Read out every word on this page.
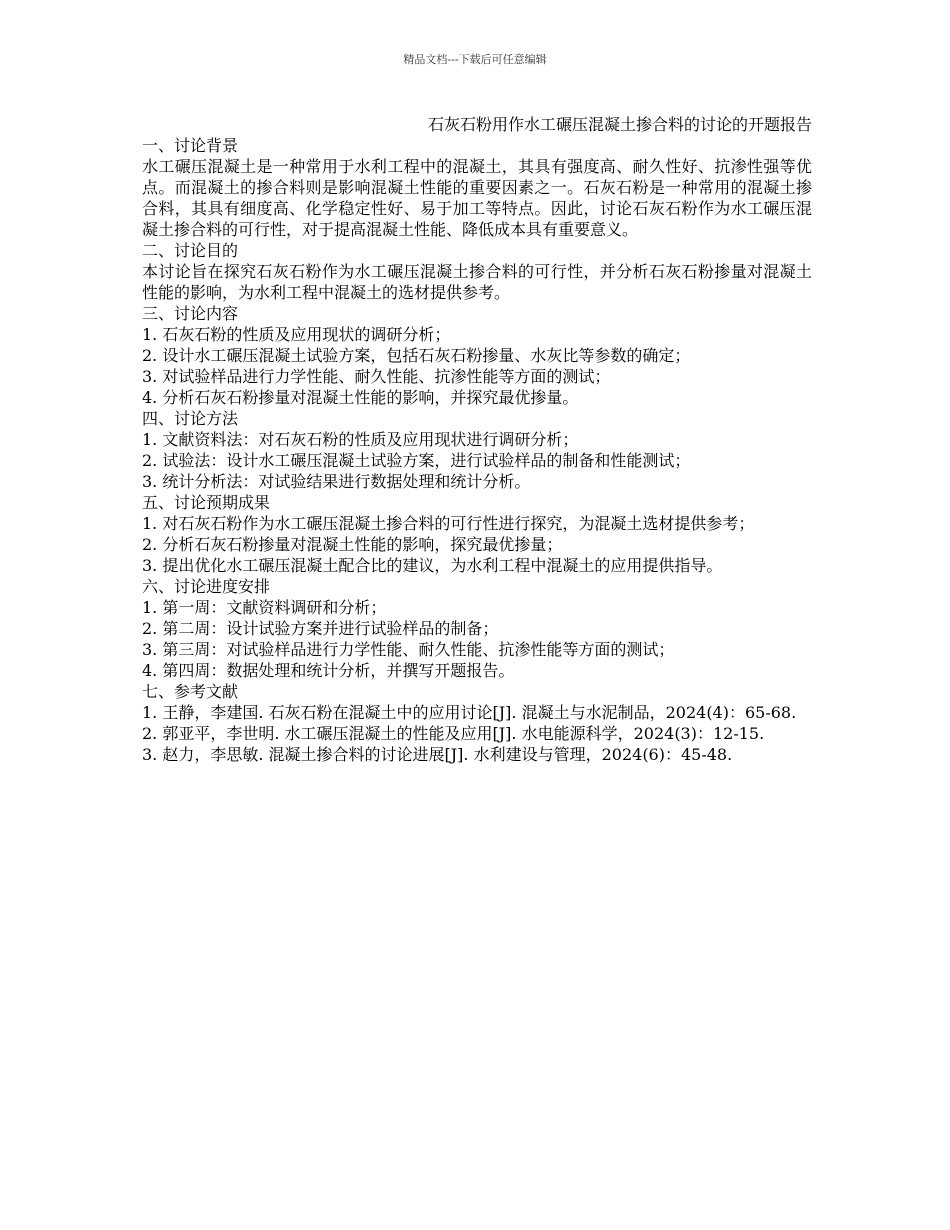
精品文档---下载后可任意编辑

石灰石粉用作水工碾压混凝土掺合料的讨论的开题报告

一、讨论背景

水工碾压混凝土是一种常用于水利工程中的混凝土，其具有强度高、耐久性好、抗渗性强等优点。而混凝土的掺合料则是影响混凝土性能的重要因素之一。石灰石粉是一种常用的混凝土掺合料，其具有细度高、化学稳定性好、易于加工等特点。因此，讨论石灰石粉作为水工碾压混凝土掺合料的可行性，对于提高混凝土性能、降低成本具有重要意义。

二、讨论目的

本讨论旨在探究石灰石粉作为水工碾压混凝土掺合料的可行性，并分析石灰石粉掺量对混凝土性能的影响，为水利工程中混凝土的选材提供参考。

三、讨论内容

1. 石灰石粉的性质及应用现状的调研分析；

2. 设计水工碾压混凝土试验方案，包括石灰石粉掺量、水灰比等参数的确定；

3. 对试验样品进行力学性能、耐久性能、抗渗性能等方面的测试；

4. 分析石灰石粉掺量对混凝土性能的影响，并探究最优掺量。

四、讨论方法

1. 文献资料法：对石灰石粉的性质及应用现状进行调研分析；

2. 试验法：设计水工碾压混凝土试验方案，进行试验样品的制备和性能测试；

3. 统计分析法：对试验结果进行数据处理和统计分析。

五、讨论预期成果

1. 对石灰石粉作为水工碾压混凝土掺合料的可行性进行探究，为混凝土选材提供参考；

2. 分析石灰石粉掺量对混凝土性能的影响，探究最优掺量；

3. 提出优化水工碾压混凝土配合比的建议，为水利工程中混凝土的应用提供指导。

六、讨论进度安排

1. 第一周：文献资料调研和分析；

2. 第二周：设计试验方案并进行试验样品的制备；

3. 第三周：对试验样品进行力学性能、耐久性能、抗渗性能等方面的测试；

4. 第四周：数据处理和统计分析，并撰写开题报告。

七、参考文献

1. 王静，李建国. 石灰石粉在混凝土中的应用讨论[J]. 混凝土与水泥制品，2024(4)：65-68.

2. 郭亚平，李世明. 水工碾压混凝土的性能及应用[J]. 水电能源科学，2024(3)：12-15.

3. 赵力，李思敏. 混凝土掺合料的讨论进展[J]. 水利建设与管理，2024(6)：45-48.
